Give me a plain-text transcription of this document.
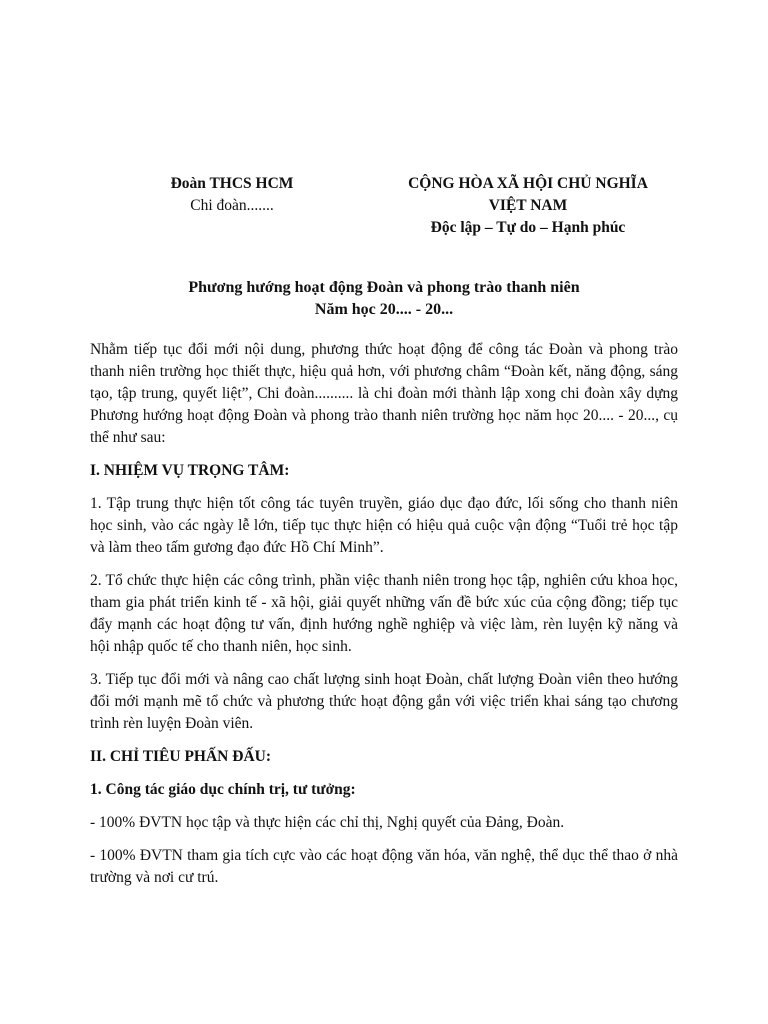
Đoàn THCS HCM
Chi đoàn.......
CỘNG HÒA XÃ HỘI CHỦ NGHĨA
VIỆT NAM
Độc lập – Tự do – Hạnh phúc
Phương hướng hoạt động Đoàn và phong trào thanh niên
Năm học 20.... - 20...

Nhằm tiếp tục đổi mới nội dung, phương thức hoạt động để công tác Đoàn và phong trào thanh niên trường học thiết thực, hiệu quả hơn, với phương châm “Đoàn kết, năng động, sáng tạo, tập trung, quyết liệt”, Chi đoàn.......... là chi đoàn mới thành lập xong chi đoàn xây dựng Phương hướng hoạt động Đoàn và phong trào thanh niên trường học năm học 20.... - 20..., cụ thể như sau:

I. NHIỆM VỤ TRỌNG TÂM:

1. Tập trung thực hiện tốt công tác tuyên truyền, giáo dục đạo đức, lối sống cho thanh niên học sinh, vào các ngày lễ lớn, tiếp tục thực hiện có hiệu quả cuộc vận động “Tuổi trẻ học tập và làm theo tấm gương đạo đức Hồ Chí Minh”.

2. Tổ chức thực hiện các công trình, phần việc thanh niên trong học tập, nghiên cứu khoa học, tham gia phát triển kinh tế - xã hội, giải quyết những vấn đề bức xúc của cộng đồng; tiếp tục đẩy mạnh các hoạt động tư vấn, định hướng nghề nghiệp và việc làm, rèn luyện kỹ năng và hội nhập quốc tế cho thanh niên, học sinh.

3. Tiếp tục đổi mới và nâng cao chất lượng sinh hoạt Đoàn, chất lượng Đoàn viên theo hướng đổi mới mạnh mẽ tổ chức và phương thức hoạt động gắn với việc triển khai sáng tạo chương trình rèn luyện Đoàn viên.

II. CHỈ TIÊU PHẤN ĐẤU:

1. Công tác giáo dục chính trị, tư tưởng:

- 100% ĐVTN học tập và thực hiện các chỉ thị, Nghị quyết của Đảng, Đoàn.

- 100% ĐVTN tham gia tích cực vào các hoạt động văn hóa, văn nghệ, thể dục thể thao ở nhà trường và nơi cư trú.
